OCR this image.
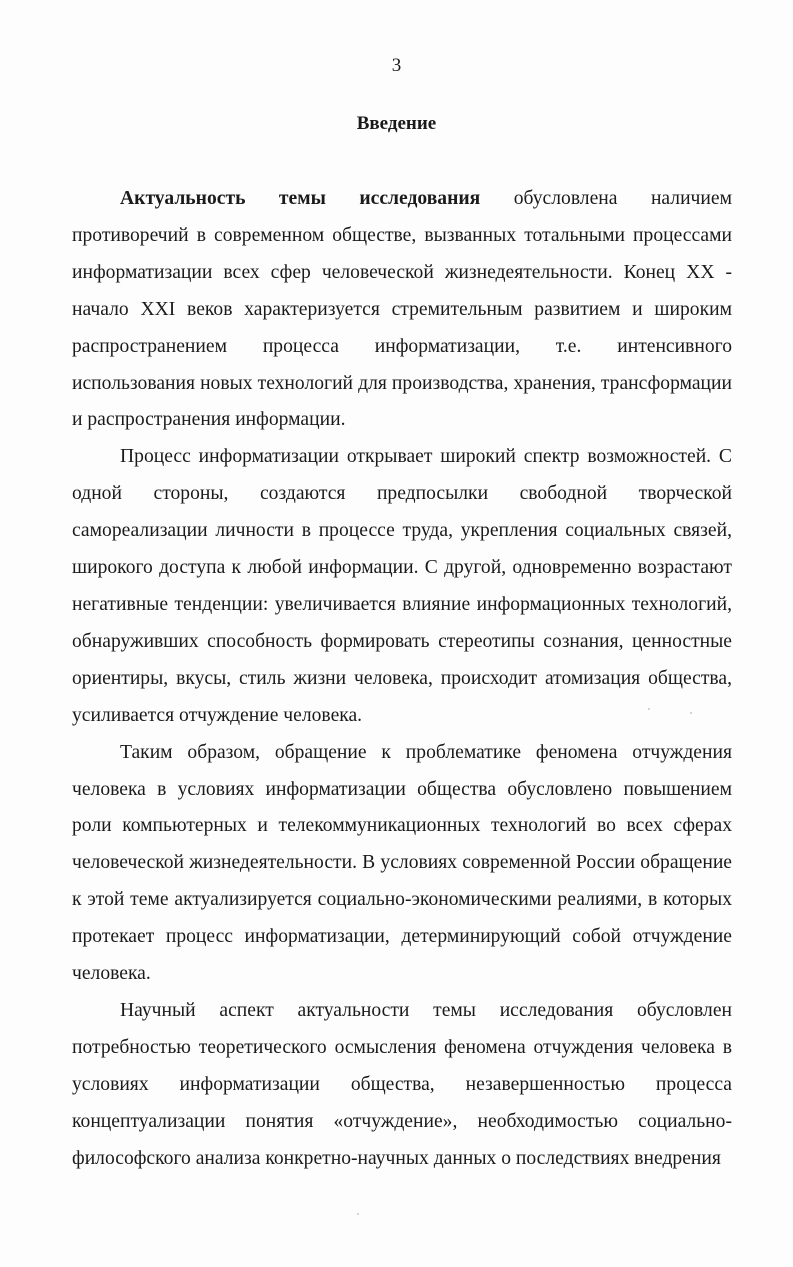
3
Введение

Актуальность темы исследования обусловлена наличием противоречий в современном обществе, вызванных тотальными процессами информатизации всех сфер человеческой жизнедеятельности. Конец XX - начало XXI веков характеризуется стремительным развитием и широким распространением процесса информатизации, т.е. интенсивного использования новых технологий для производства, хранения, трансформации и распространения информации.

Процесс информатизации открывает широкий спектр возможностей. С одной стороны, создаются предпосылки свободной творческой самореализации личности в процессе труда, укрепления социальных связей, широкого доступа к любой информации. С другой, одновременно возрастают негативные тенденции: увеличивается влияние информационных технологий, обнаруживших способность формировать стереотипы сознания, ценностные ориентиры, вкусы, стиль жизни человека, происходит атомизация общества, усиливается отчуждение человека.

Таким образом, обращение к проблематике феномена отчуждения человека в условиях информатизации общества обусловлено повышением роли компьютерных и телекоммуникационных технологий во всех сферах человеческой жизнедеятельности. В условиях современной России обращение к этой теме актуализируется социально-экономическими реалиями, в которых протекает процесс информатизации, детерминирующий собой отчуждение человека.

Научный аспект актуальности темы исследования обусловлен потребностью теоретического осмысления феномена отчуждения человека в условиях информатизации общества, незавершенностью процесса концептуализации понятия «отчуждение», необходимостью социально-философского анализа конкретно-научных данных о последствиях внедрения
